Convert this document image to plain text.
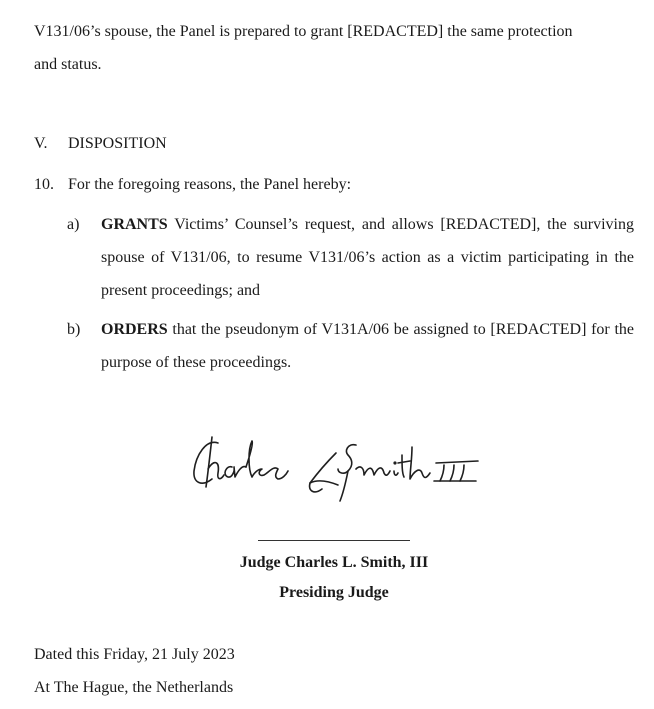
V131/06’s spouse, the Panel is prepared to grant [REDACTED] the same protection

and status.

V. DISPOSITION
10. For the foregoing reasons, the Panel hereby:
a) GRANTS Victims’ Counsel’s request, and allows [REDACTED], the surviving spouse of V131/06, to resume V131/06’s action as a victim participating in the present proceedings; and
b) ORDERS that the pseudonym of V131A/06 be assigned to [REDACTED] for the purpose of these proceedings.
Judge Charles L. Smith, III
Presiding Judge
Dated this Friday, 21 July 2023
At The Hague, the Netherlands
